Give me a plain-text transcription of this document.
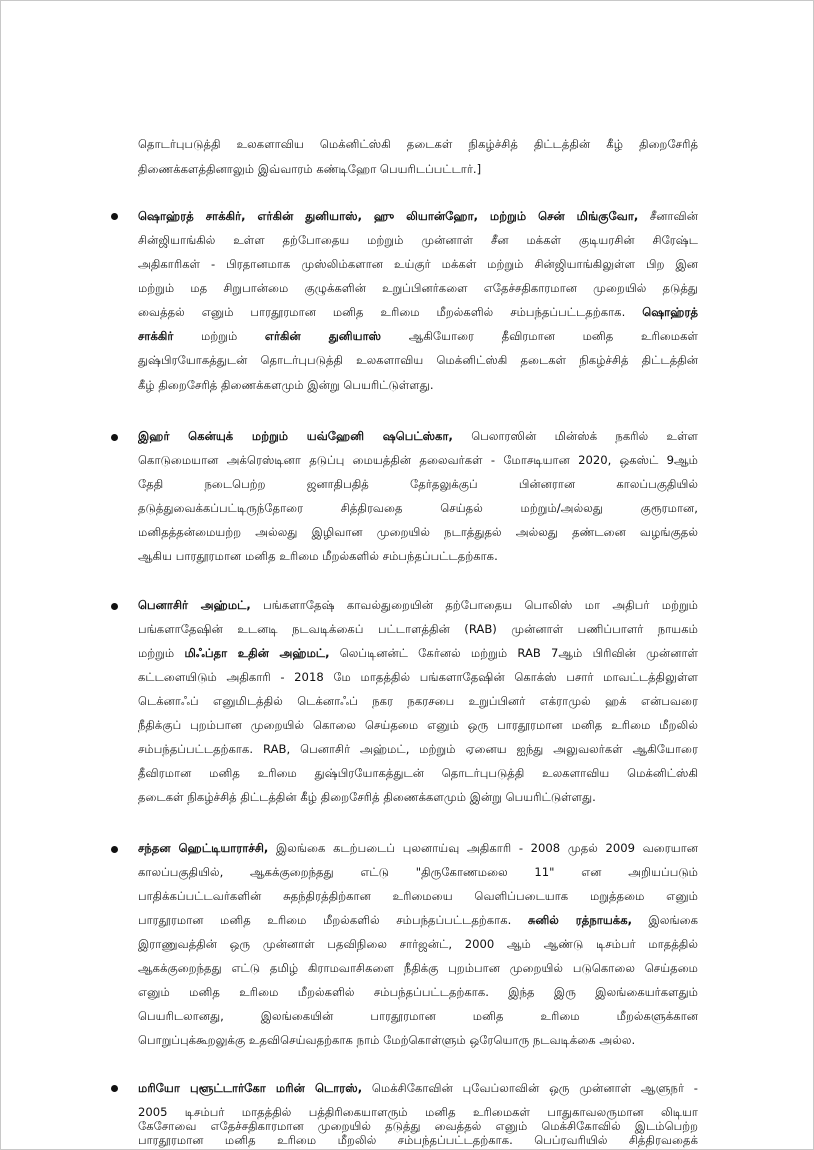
தொடர்புபடுத்தி உலகளாவிய மெக்னிட்ஸ்கி தடைகள் நிகழ்ச்சித் திட்டத்தின் கீழ் திறைசேரித்
திணைக்களத்தினாலும் இவ்வாரம் கண்டிஹோ பெயரிடப்பட்டார்.]
ஷொஹ்ரத் சாக்கிர், எர்கின் துனியாஸ், ஹு லியான்ஹோ, மற்றும் சென் மிங்குவோ, சீனாவின்
சின்ஜியாங்கில் உள்ள தற்போதைய மற்றும் முன்னாள் சீன மக்கள் குடியரசின் சிரேஷ்ட
அதிகாரிகள் - பிரதானமாக முஸ்லிம்களான உய்குர் மக்கள் மற்றும் சின்ஜியாங்கிலுள்ள பிற இன
மற்றும் மத சிறுபான்மை குழுக்களின் உறுப்பினர்களை எதேச்சதிகாரமான முறையில் தடுத்து
வைத்தல் எனும் பாரதூரமான மனித உரிமை மீறல்களில் சம்பந்தப்பட்டதற்காக. ஷொஹ்ரத்
சாக்கிர் மற்றும் எர்கின் துனியாஸ் ஆகியோரை தீவிரமான மனித உரிமைகள்
துஷ்பிரயோகத்துடன் தொடர்புபடுத்தி உலகளாவிய மெக்னிட்ஸ்கி தடைகள் நிகழ்ச்சித் திட்டத்தின்
கீழ் திறைசேரித் திணைக்களமும் இன்று பெயரிட்டுள்ளது.
இஹர் கென்யுக் மற்றும் யவ்ஹேனி ஷபெட்ஸ்கா, பெலாரஸின் மின்ஸ்க் நகரில் உள்ள
கொடுமையான அக்ரெஸ்டினா தடுப்பு மையத்தின் தலைவர்கள் - மோசடியான 2020, ஒகஸ்ட் 9ஆம்
தேதி நடைபெற்ற ஜனாதிபதித் தேர்தலுக்குப் பின்னரான காலப்பகுதியில்
தடுத்துவைக்கப்பட்டிருந்தோரை சித்திரவதை செய்தல் மற்றும்/அல்லது குரூரமான,
மனிதத்தன்மையற்ற அல்லது இழிவான முறையில் நடாத்துதல் அல்லது தண்டனை வழங்குதல்
ஆகிய பாரதூரமான மனித உரிமை மீறல்களில் சம்பந்தப்பட்டதற்காக.
பெனாசிர் அஹ்மட், பங்களாதேஷ் காவல்துறையின் தற்போதைய பொலிஸ் மா அதிபர் மற்றும்
பங்களாதேஷின் உடனடி நடவடிக்கைப் பட்டாளத்தின் (RAB) முன்னாள் பணிப்பாளர் நாயகம்
மற்றும் மிஃப்தா உதின் அஹ்மட், லெப்டினன்ட் கேர்னல் மற்றும் RAB 7ஆம் பிரிவின் முன்னாள்
கட்டளையிடும் அதிகாரி - 2018 மே மாதத்தில் பங்களாதேஷின் கொக்ஸ் பசார் மாவட்டத்திலுள்ள
டெக்னாஃப் எனுமிடத்தில் டெக்னாஃப் நகர நகரசபை உறுப்பினர் எக்ராமுல் ஹக் என்பவரை
நீதிக்குப் புறம்பான முறையில் கொலை செய்தமை எனும் ஒரு பாரதூரமான மனித உரிமை மீறலில்
சம்பந்தப்பட்டதற்காக. RAB, பெனாசிர் அஹ்மட், மற்றும் ஏனைய ஐந்து அலுவலர்கள் ஆகியோரை
தீவிரமான மனித உரிமை துஷ்பிரயோகத்துடன் தொடர்புபடுத்தி உலகளாவிய மெக்னிட்ஸ்கி
தடைகள் நிகழ்ச்சித் திட்டத்தின் கீழ் திறைசேரித் திணைக்களமும் இன்று பெயரிட்டுள்ளது.
சந்தன ஹெட்டியாராச்சி, இலங்கை கடற்படைப் புலனாய்வு அதிகாரி - 2008 முதல் 2009 வரையான
காலப்பகுதியில், ஆகக்குறைந்தது எட்டு "திருகோணமலை 11" என அறியப்படும்
பாதிக்கப்பட்டவர்களின் சுதந்திரத்திற்கான உரிமையை வெளிப்படையாக மறுத்தமை எனும்
பாரதூரமான மனித உரிமை மீறல்களில் சம்பந்தப்பட்டதற்காக. சுனில் ரத்நாயக்க, இலங்கை
இராணுவத்தின் ஒரு முன்னாள் பதவிநிலை சார்ஜன்ட், 2000 ஆம் ஆண்டு டிசம்பர் மாதத்தில்
ஆகக்குறைந்தது எட்டு தமிழ் கிராமவாசிகளை நீதிக்கு புறம்பான முறையில் படுகொலை செய்தமை
எனும் மனித உரிமை மீறல்களில் சம்பந்தப்பட்டதற்காக. இந்த இரு இலங்கையர்களதும்
பெயரிடலானது, இலங்கையின் பாரதூரமான மனித உரிமை மீறல்களுக்கான
பொறுப்புக்கூறலுக்கு உதவிசெய்வதற்காக நாம் மேற்கொள்ளும் ஒரேயொரு நடவடிக்கை அல்ல.
மரியோ புளூட்டார்கோ மரின் டொரஸ், மெக்சிகோவின் புவேப்லாவின் ஒரு முன்னாள் ஆளுநர் -
2005 டிசம்பர் மாதத்தில் பத்திரிகையாளரும் மனித உரிமைகள் பாதுகாவலருமான லிடியா
கேசோவை எதேச்சதிகாரமான முறையில் தடுத்து வைத்தல் எனும் மெக்சிகோவில் இடம்பெற்ற
பாரதூரமான மனித உரிமை மீறலில் சம்பந்தப்பட்டதற்காக. பெப்ரவரியில் சித்திரவதைக்
